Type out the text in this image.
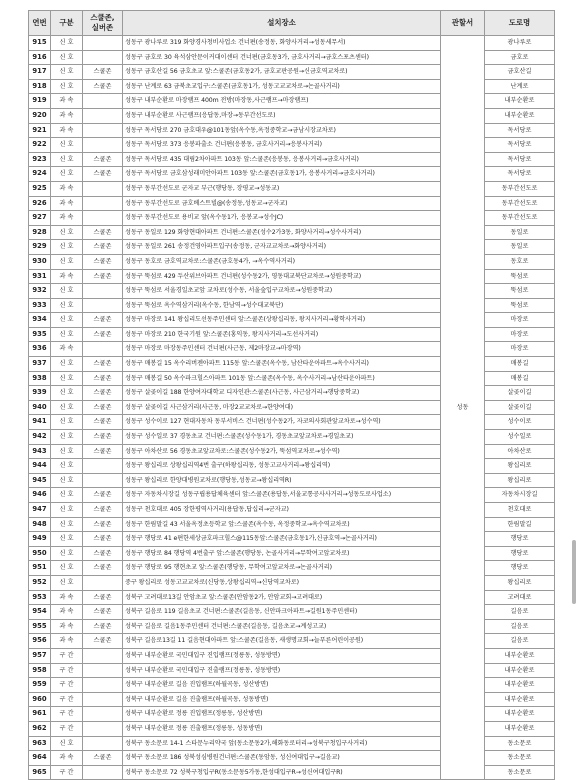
연번	구분	스쿨존,
실버존	설치장소	관할서	도로명
915	신 호		성동구 광나루로 319 화양경사청비사업소 건너편(송정동, 화양사거리→성동세무서)	성동	광나루로
916	신 호		성동구 금호로 30 육석삼안문이커대이센터 건너편(금호동3가, 금호사거리→금호스포츠센터)		금호로
917	신 호	스쿨존	성동구 금호산길 56 금호초교 앞:스쿨존(금호동2가, 금호교판공원→신금호역교차로)		금호산길
918	신 호	스쿨존	성동구 난계로 63 금북초교입구:스쿨존(금호동1가, 성동고교교차로→논골사거리)		난계로
919	과 속		성동구 내부순환로 마장램프 400m 전방(마장동,사근램프→마장램프)		내부순환로
920	과 속		성동구 내부순환로 사근램프(응답동,마장→동부간선도로)		내부순환로
921	과 속		성동구 독서당로 270 금호대우@101동앞(옥수동,옥정중학교→금남시장교차로)		독서당로
922	신 호		성동구 독서당로 373 응봉파출소 건너편(응봉동, 금호사거리→응봉사거리)		독서당로
923	신 호	스쿨존	성동구 독서당로 435 대림2차아파트 103동 앞:스쿨존(응봉동, 응봉사거리→금호사거리)		독서당로
924	신 호	스쿨존	성동구 독서당로 금호삼성래미안아파트 103동 앞:스쿨존(금호동1가, 응봉사거리→금호사거리)		독서당로
925	과 속		성동구 동부간선도로 군자교 부근(행당동, 장평교→성동교)		동부간선도로
926	과 속		성동구 동부간선도로 금호베스트빌@(송정동,성동교→군자교)		동부간선도로
927	과 속		성동구 동부간선도로 용비교 앞(옥수동1가, 응봉교→성수JC)		동부간선도로
928	신 호	스쿨존	성동구 동일로 129 화양현대아파트 건너편:스쿨존(성수2가3동, 화양사거리→성수사거리)		동일로
929	신 호	스쿨존	성동구 동일로 261 송정건영아파트입구(송정동, 군자교교차로→화양사거리)		동일로
930	신 호	스쿨존	성동구 동호로 금호역교차로:스쿨존(금호동4가, →옥수역사거리)		동호로
931	과 속	스쿨존	성동구 뚝섬로 429 두산위브아파트 건너편(성수동2가, 영동대교북단교차로→성원중학교)		뚝섬로
932	신 호		성동구 뚝섬로 서울경일초교앞 교차로(성수동, 서울숲입구교차로→성원중학교)		뚝섬로
933	신 호		성동구 뚝섬로 옥수역삼거리(옥수동, 한남역→성수대교북단)		뚝섬로
934	신 호	스쿨존	성동구 마장로 141 왕십리도선동주민센터 앞:스쿨존(상왕십리동, 왕지사거리→황학사거리)		마장로
935	신 호	스쿨존	성동구 마장로 210 한국기원 앞:스쿨존(홍익동, 왕지사거리→도선사거리)		마장로
936	과 속		성동구 마장로 마장동주민센터 건너편(사근동, 제2마장교→마장역)		마장로
937	신 호	스쿨존	성동구 매봉길 15 옥수리버젠아파트 115동 앞:스쿨존(옥수동, 남산타운아파트→옥수사거리)		매봉길
938	신 호	스쿨존	성동구 매봉길 50 옥수파크힐스아파트 101동 앞:스쿨존(옥수동, 옥수사거리→남산타운아파트)		매봉길
939	신 호	스쿨존	성동구 살곶이길 188 한양여자대학교 디자인관:스쿨존(사근동, 사근삼거리→행당중학교)		살곶이길
940	신 호	스쿨존	성동구 살곶이길 사근삼거리(사근동, 마장2교교차로→한양여대)		살곶이길
941	신 호	스쿨존	성동구 성수이로 127 현대자동차 동부서비스 건너편(성수동2가, 자코의사회관앞교차로→성수역)		성수이로
942	신 호	스쿨존	성동구 성수일로 37 경동초교 건너편:스쿨존(성수동1가, 경동초교앞교차로→경일초교)		성수일로
943	신 호	스쿨존	성동구 아차산로 56 경동초교앞교차로:스쿨존(성수동2가, 뚝섬역교차로→성수역)		아차산로
944	신 호		성동구 왕십리로 상왕십리역4번 출구(하왕십리동, 성동고교사거리→왕십리역)		왕십리로
945	신 호		성동구 왕십리로 한양대병원교차로(행당동,성동교→왕십리역R)		왕십리로
946	신 호	스쿨존	성동구 자동차시장길 성동구립용답체육센터 앞:스쿨존(용답동,서울교통공사사거리→성동도로사업소)		자동차시장길
947	신 호	스쿨존	성동구 천호대로 405 장한평역사거리(용답동,답십리→군자교)		천호대로
948	신 호	스쿨존	성동구 한림말길 43 서울옥정초등학교 앞:스쿨존(옥수동, 옥정중학교→옥수역교차로)		한림말길
949	신 호	스쿨존	성동구 행당로 41 e편한세상금호파크힐스@115동앞:스쿨존(금호동1가,신금호역→논골사거리)		행당로
950	신 호	스쿨존	성동구 행당로 84 행당역 4번출구 앞:스쿨존(행당동, 논골사거리→무학여고앞교차로)		행당로
951	신 호	스쿨존	성동구 행당로 95 행현초교 앞:스쿨존(행당동, 무학여고앞교차로→논골사거리)		행당로
952	신 호		중구 왕십리로 성동고교교차로(신당동,상왕십리역→신당역교차로)		왕십리로
953	과 속	스쿨존	성북구 고려대로13길 안암초교 앞:스쿨존(안암동2가, 안암교회→고려대로)		고려대로
954	과 속	스쿨존	성북구 길음로 119 길음초교 건너편:스쿨존(길음동, 신안파크아파트→길원1동주민센터)		길음로
955	과 속	스쿨존	성북구 길음로 길음1동주민센터 건너편:스쿨존(길음동, 길음초교→계성고교)		길음로
956	과 속	스쿨존	성북구 길음로13길 11 길음현대아파트 앞:스쿨존(길음동, 새생명교회→늘푸른어린이공원)		길음로
957	구 간		성북구 내부순환로 국민대입구 진입램프(정릉동, 성동방면)		내부순환로
958	구 간		성북구 내부순환로 국민대입구 진출램프(정릉동, 성동방면)		내부순환로
959	구 간		성북구 내부순환로 길음 진입램프(하월곡동, 성산방면)		내부순환로
960	구 간		성북구 내부순환로 길음 진출램프(하월곡동, 성동방면)		내부순환로
961	구 간		성북구 내부순환로 정릉 진입램프(정릉동, 성산방면)		내부순환로
962	구 간		성북구 내부순환로 정릉 진출램프(정릉동, 성동방면)		내부순환로
963	신 호		성북구 동소문로 14-1 스타문누리약국 앞(동소문동2가,해화동로터리→성북구청입구사거리)		동소문로
964	과 속	스쿨존	성북구 동소문로 186 성북성심병원건너편:스쿨존(동암동, 성신여대입구→길음교)		동소문로
965	구 간		성북구 동소문로 72 성북구청입구R(동소문동5가동,한성대입구R→성신여대입구R)		동소문로
